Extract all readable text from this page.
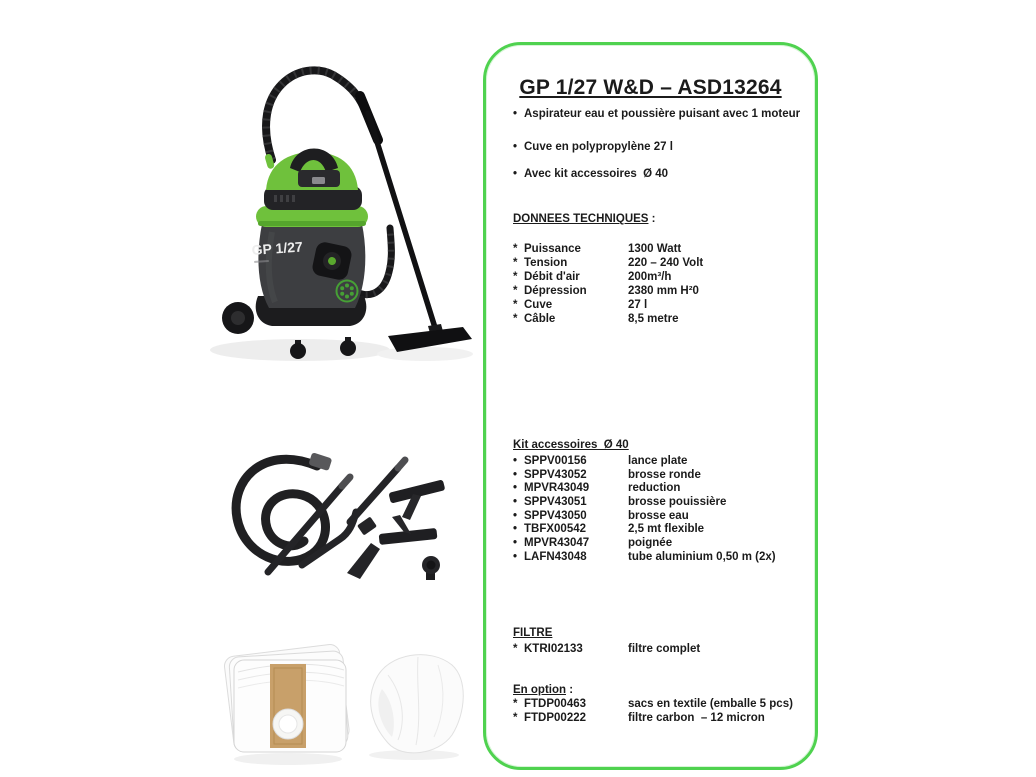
GP 1/27
GP 1/27 W&D – ASD13264
• Aspirateur eau et poussière puisant avec 1 moteur
• Cuve en polypropylène 27 l
• Avec kit accessoires  Ø 40
DONNEES TECHNIQUES :
* Puissance	1300 Watt
* Tension	220 – 240 Volt
* Débit d'air	200m³/h
* Dépression	2380 mm H²0
* Cuve	27 l
* Câble	8,5 metre
Kit accessoires  Ø 40
• SPPV00156	lance plate
• SPPV43052	brosse ronde
• MPVR43049	reduction
• SPPV43051	brosse pouissière
• SPPV43050	brosse eau
• TBFX00542	2,5 mt flexible
• MPVR43047	poignée
• LAFN43048	tube aluminium 0,50 m (2x)
FILTRE
* KTRI02133	filtre complet
En option :
* FTDP00463	sacs en textile (emballe 5 pcs)
* FTDP00222	filtre carbon  – 12 micron
